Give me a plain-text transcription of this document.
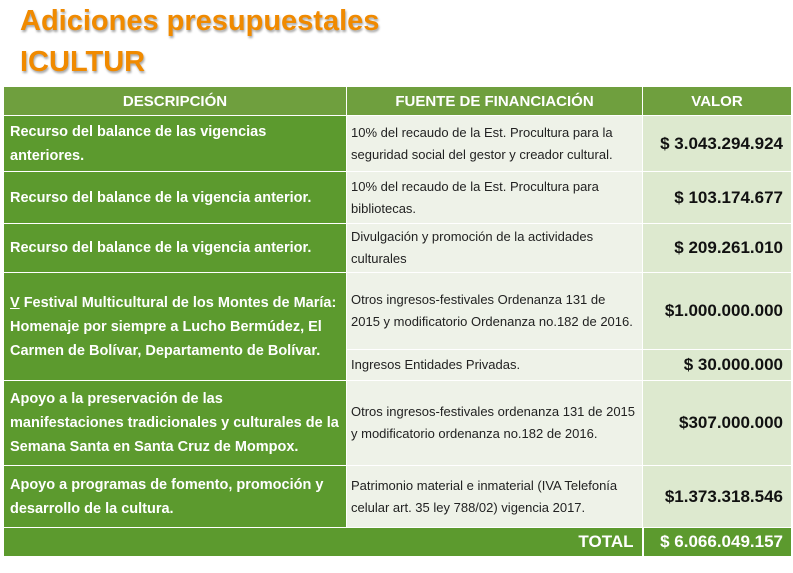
Adiciones presupuestales
ICULTUR
DESCRIPCIÓN	FUENTE DE FINANCIACIÓN	VALOR
Recurso del balance de las vigencias anteriores.	10% del recaudo de la Est. Procultura para la seguridad social del gestor y creador cultural.	$ 3.043.294.924
Recurso del balance de la vigencia anterior.	10% del recaudo de la Est. Procultura para bibliotecas.	$ 103.174.677
Recurso del balance de la vigencia anterior.	Divulgación y promoción de la actividades culturales	$ 209.261.010
V Festival Multicultural de los Montes de María: Homenaje por siempre a Lucho Bermúdez, El Carmen de Bolívar, Departamento de Bolívar.	Otros ingresos-festivales Ordenanza 131 de 2015 y modificatorio Ordenanza no.182 de 2016.	$1.000.000.000
	Ingresos Entidades Privadas.	$ 30.000.000
Apoyo a la preservación de las manifestaciones tradicionales y culturales de la Semana Santa en Santa Cruz de Mompox.	Otros ingresos-festivales ordenanza 131 de 2015 y modificatorio ordenanza no.182 de 2016.	$307.000.000
Apoyo a programas de fomento, promoción y desarrollo de la cultura.	Patrimonio material e inmaterial (IVA Telefonía celular art. 35 ley 788/02) vigencia 2017.	$1.373.318.546
TOTAL		$ 6.066.049.157
